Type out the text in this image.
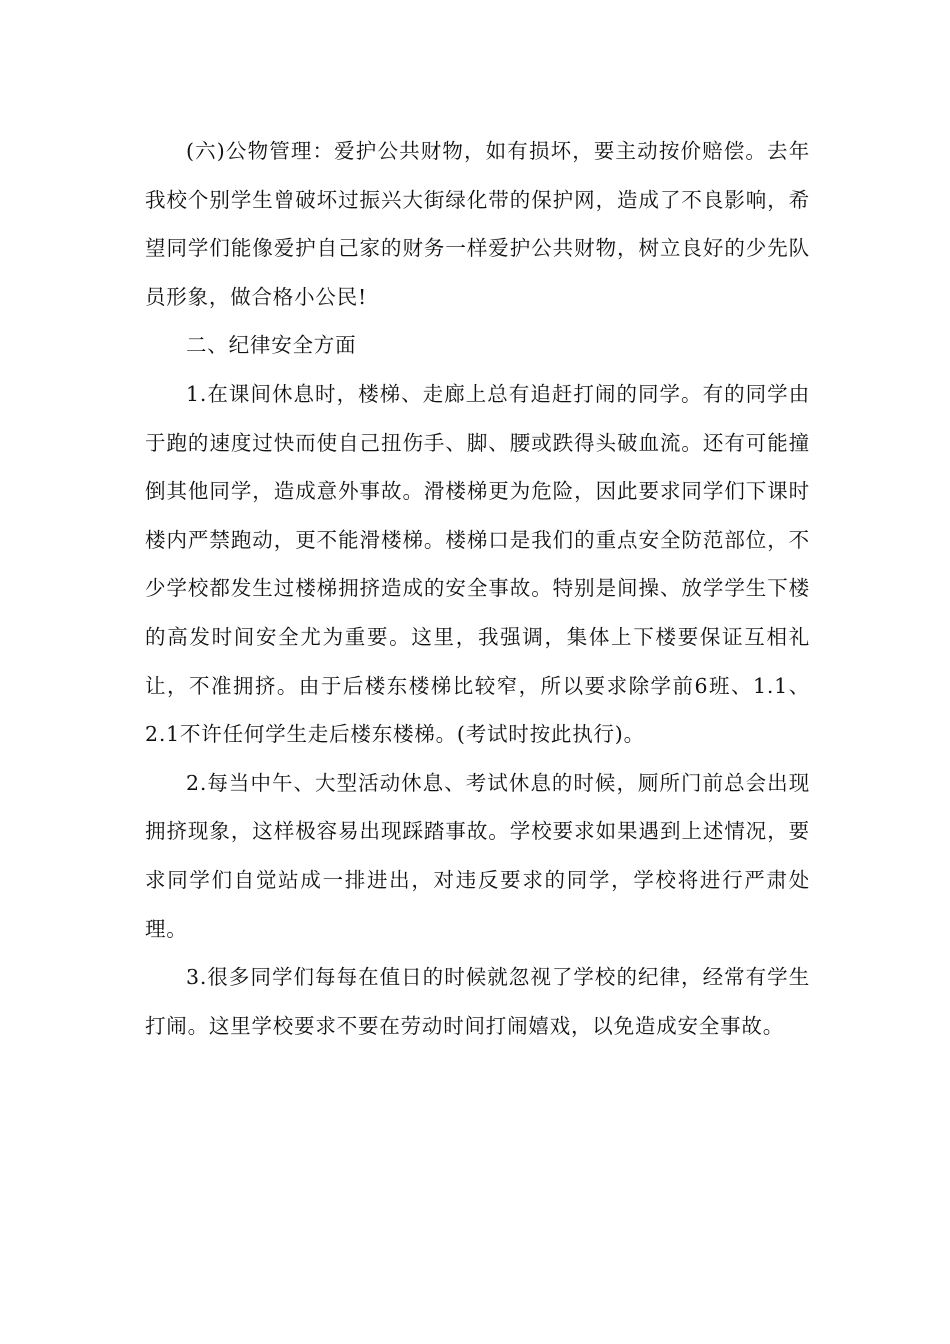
(六)公物管理：爱护公共财物，如有损坏，要主动按价赔偿。去年我校个别学生曾破坏过振兴大街绿化带的保护网，造成了不良影响，希望同学们能像爱护自己家的财务一样爱护公共财物，树立良好的少先队员形象，做合格小公民!

二、纪律安全方面

1.在课间休息时，楼梯、走廊上总有追赶打闹的同学。有的同学由于跑的速度过快而使自己扭伤手、脚、腰或跌得头破血流。还有可能撞倒其他同学，造成意外事故。滑楼梯更为危险，因此要求同学们下课时楼内严禁跑动，更不能滑楼梯。楼梯口是我们的重点安全防范部位，不少学校都发生过楼梯拥挤造成的安全事故。特别是间操、放学学生下楼的高发时间安全尤为重要。这里，我强调，集体上下楼要保证互相礼让，不准拥挤。由于后楼东楼梯比较窄，所以要求除学前6班、1.1、2.1不许任何学生走后楼东楼梯。(考试时按此执行)。

2.每当中午、大型活动休息、考试休息的时候，厕所门前总会出现拥挤现象，这样极容易出现踩踏事故。学校要求如果遇到上述情况，要求同学们自觉站成一排进出，对违反要求的同学，学校将进行严肃处理。

3.很多同学们每每在值日的时候就忽视了学校的纪律，经常有学生打闹。这里学校要求不要在劳动时间打闹嬉戏，以免造成安全事故。
